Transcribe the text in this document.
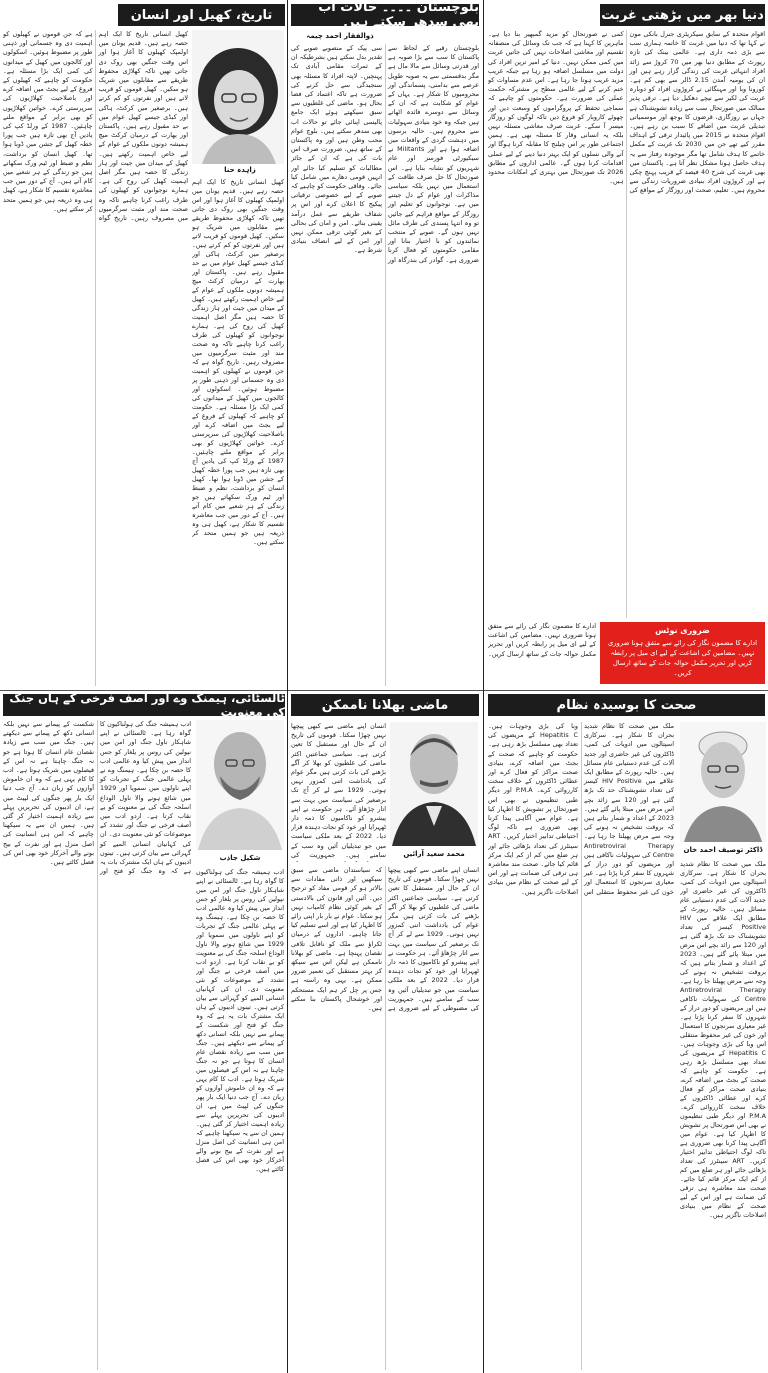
دنیا بھر میں بڑھتی غربت
اقوام متحدہ کے سابق سیکریٹری جنرل بانکی مون نے کہا تھا کہ دنیا میں غربت کا خاتمہ ہماری سب سے بڑی ذمہ داری ہے۔ عالمی بینک کی تازہ رپورٹ کے مطابق دنیا بھر میں 70 کروڑ سے زائد افراد انتہائی غربت کی زندگی گزار رہے ہیں اور ان کی یومیہ آمدن 2.15 ڈالر سے بھی کم ہے۔ کورونا وبا اور مہنگائی نے کروڑوں افراد کو دوبارہ غربت کی لکیر سے نیچے دھکیل دیا ہے۔ ترقی پذیر ممالک میں صورتحال سب سے زیادہ تشویشناک ہے جہاں بے روزگاری، قرضوں کا بوجھ اور موسمیاتی تبدیلی غربت میں اضافے کا سبب بن رہے ہیں۔ اقوام متحدہ نے 2015 میں پائیدار ترقی کے اہداف مقرر کیے تھے جن میں 2030 تک غربت کے مکمل خاتمے کا ہدف شامل تھا مگر موجودہ رفتار سے یہ ہدف حاصل ہونا مشکل نظر آتا ہے۔ پاکستان میں بھی غربت کی شرح 40 فیصد کے قریب پہنچ چکی ہے اور کروڑوں افراد بنیادی ضروریات زندگی سے محروم ہیں۔ تعلیم، صحت اور روزگار کے مواقع کی کمی نے صورتحال کو مزید گمبھیر بنا دیا ہے۔ ماہرین کا کہنا ہے کہ جب تک وسائل کی منصفانہ تقسیم اور معاشی اصلاحات نہیں کی جاتیں غربت میں کمی ممکن نہیں۔ دنیا کے امیر ترین افراد کی دولت میں مسلسل اضافہ ہو رہا ہے جبکہ غریب مزید غریب ہوتا جا رہا ہے۔ اس عدم مساوات کو ختم کرنے کے لیے عالمی سطح پر مشترکہ حکمت عملی کی ضرورت ہے۔ حکومتوں کو چاہیے کہ سماجی تحفظ کے پروگراموں کو وسعت دیں اور چھوٹے کاروبار کو فروغ دیں تاکہ لوگوں کو روزگار میسر آ سکے۔ غربت صرف معاشی مسئلہ نہیں بلکہ یہ انسانی وقار کا مسئلہ بھی ہے۔ ہمیں اجتماعی طور پر اس چیلنج کا مقابلہ کرنا ہوگا اور آنے والی نسلوں کو ایک بہتر دنیا دینے کے لیے عملی اقدامات کرنا ہوں گے۔ عالمی اداروں کے مطابق 2026 تک صورتحال میں بہتری کے امکانات محدود ہیں۔
ضروری نوٹس
ادارے کا مضمون نگار کی رائے سے متفق ہونا ضروری نہیں۔ مضامین کی اشاعت کے لیے ای میل پر رابطہ کریں اور تحریر مکمل حوالہ جات کے ساتھ ارسال کریں۔
ادارے کا مضمون نگار کی رائے سے متفق ہونا ضروری نہیں۔ مضامین کی اشاعت کے لیے ای میل پر رابطہ کریں اور تحریر مکمل حوالہ جات کے ساتھ ارسال کریں۔
بلوچستان ۔۔۔۔ حالات اب بھی سدھر سکتے ہیں
ذوالفقار احمد چیمہ
بلوچستان رقبے کے لحاظ سے پاکستان کا سب سے بڑا صوبہ ہے اور قدرتی وسائل سے مالا مال ہے مگر بدقسمتی سے یہ صوبہ طویل عرصے سے بدامنی، پسماندگی اور محرومیوں کا شکار ہے۔ یہاں کے عوام کو شکایت ہے کہ ان کے وسائل سے دوسرے فائدہ اٹھاتے ہیں جبکہ وہ خود بنیادی سہولیات سے محروم ہیں۔ حالیہ برسوں میں دہشت گردی کے واقعات میں اضافہ ہوا ہے اور Militants نے سیکیورٹی فورسز اور عام شہریوں کو نشانہ بنایا ہے۔ اس صورتحال کا حل صرف طاقت کے استعمال میں نہیں بلکہ سیاسی مذاکرات اور عوام کے دل جیتنے میں ہے۔ نوجوانوں کو تعلیم اور روزگار کے مواقع فراہم کیے جائیں تو وہ انتہا پسندی کی طرف مائل نہیں ہوں گے۔ صوبے کے منتخب نمائندوں کو با اختیار بنانا اور مقامی حکومتوں کو فعال کرنا ضروری ہے۔ گوادر کی بندرگاہ اور سی پیک کے منصوبے صوبے کی تقدیر بدل سکتے ہیں بشرطیکہ ان کے ثمرات مقامی آبادی تک پہنچیں۔ لاپتہ افراد کا مسئلہ بھی سنجیدگی سے حل کرنے کی ضرورت ہے تاکہ اعتماد کی فضا بحال ہو۔ ماضی کی غلطیوں سے سبق سیکھتے ہوئے ایک جامع پالیسی اپنائی جائے تو حالات اب بھی سدھر سکتے ہیں۔ بلوچ عوام محب وطن ہیں اور وہ پاکستان کے ساتھ ہیں، ضرورت صرف اس بات کی ہے کہ ان کے جائز مطالبات کو تسلیم کیا جائے اور انہیں قومی دھارے میں شامل کیا جائے۔ وفاقی حکومت کو چاہیے کہ صوبے کے لیے خصوصی ترقیاتی پیکیج کا اعلان کرے اور اس پر شفاف طریقے سے عمل درآمد یقینی بنائے۔ امن و امان کی بحالی کے بغیر کوئی ترقی ممکن نہیں اور امن کے لیے انصاف بنیادی شرط ہے۔
تاریخ، کھیل اور انسان
زاہدہ حنا
کھیل انسانی تاریخ کا ایک اہم حصہ رہے ہیں۔ قدیم یونان میں اولمپک کھیلوں کا آغاز ہوا اور اس وقت جنگیں بھی روک دی جاتی تھیں تاکہ کھلاڑی محفوظ طریقے سے مقابلوں میں شریک ہو سکیں۔ کھیل قوموں کو قریب لاتے ہیں اور نفرتوں کو کم کرتے ہیں۔ برصغیر میں کرکٹ، ہاکی اور کبڈی جیسے کھیل عوام میں بے حد مقبول رہے ہیں۔ پاکستان اور بھارت کے درمیان کرکٹ میچ ہمیشہ دونوں ملکوں کے عوام کے لیے خاص اہمیت رکھتے ہیں۔ کھیل کے میدان میں جیت اور ہار زندگی کا حصہ ہیں مگر اصل اہمیت کھیل کی روح کی ہے۔ ہمارے نوجوانوں کو کھیلوں کی طرف راغب کرنا چاہیے تاکہ وہ صحت مند اور مثبت سرگرمیوں میں مصروف رہیں۔ تاریخ گواہ ہے کہ جن قوموں نے کھیلوں کو اہمیت دی وہ جسمانی اور ذہنی طور پر مضبوط ہوئیں۔ اسکولوں اور کالجوں میں کھیل کے میدانوں کی کمی ایک بڑا مسئلہ ہے۔ حکومت کو چاہیے کہ کھیلوں کے فروغ کے لیے بجٹ میں اضافہ کرے اور باصلاحیت کھلاڑیوں کی سرپرستی کرے۔ خواتین کھلاڑیوں کو بھی برابر کے مواقع ملنے چاہئیں۔ 1987 کے ورلڈ کپ کی یادیں آج بھی تازہ ہیں جب پورا خطہ کھیل کے جشن میں ڈوبا ہوا تھا۔ کھیل انسان کو برداشت، نظم و ضبط اور ٹیم ورک سکھاتے ہیں جو زندگی کے ہر شعبے میں کام آتے ہیں۔ آج کے دور میں جب معاشرہ تقسیم کا شکار ہے، کھیل ہی وہ ذریعہ ہیں جو ہمیں متحد کر سکتے ہیں۔
کھیل انسانی تاریخ کا ایک اہم حصہ رہے ہیں۔ قدیم یونان میں اولمپک کھیلوں کا آغاز ہوا اور اس وقت جنگیں بھی روک دی جاتی تھیں تاکہ کھلاڑی محفوظ طریقے سے مقابلوں میں شریک ہو سکیں۔ کھیل قوموں کو قریب لاتے ہیں اور نفرتوں کو کم کرتے ہیں۔ برصغیر میں کرکٹ، ہاکی اور کبڈی جیسے کھیل عوام میں بے حد مقبول رہے ہیں۔ پاکستان اور بھارت کے درمیان کرکٹ میچ ہمیشہ دونوں ملکوں کے عوام کے لیے خاص اہمیت رکھتے ہیں۔ کھیل کے میدان میں جیت اور ہار زندگی کا حصہ ہیں مگر اصل اہمیت کھیل کی روح کی ہے۔ ہمارے نوجوانوں کو کھیلوں کی طرف راغب کرنا چاہیے تاکہ وہ صحت مند اور مثبت سرگرمیوں میں مصروف رہیں۔ تاریخ گواہ ہے کہ جن قوموں نے کھیلوں کو اہمیت دی وہ جسمانی اور ذہنی طور پر مضبوط ہوئیں۔ اسکولوں اور کالجوں میں کھیل کے میدانوں کی کمی ایک بڑا مسئلہ ہے۔ حکومت کو چاہیے کہ کھیلوں کے فروغ کے لیے بجٹ میں اضافہ کرے اور باصلاحیت کھلاڑیوں کی سرپرستی کرے۔ خواتین کھلاڑیوں کو بھی برابر کے مواقع ملنے چاہئیں۔ 1987 کے ورلڈ کپ کی یادیں آج بھی تازہ ہیں جب پورا خطہ کھیل کے جشن میں ڈوبا ہوا تھا۔ کھیل انسان کو برداشت، نظم و ضبط اور ٹیم ورک سکھاتے ہیں جو زندگی کے ہر شعبے میں کام آتے ہیں۔ آج کے دور میں جب معاشرہ تقسیم کا شکار ہے، کھیل ہی وہ ذریعہ ہیں جو ہمیں متحد کر سکتے ہیں۔
صحت کا بوسیدہ نظام
ڈاکٹر توصیف احمد خان
ملک میں صحت کا نظام شدید بحران کا شکار ہے۔ سرکاری اسپتالوں میں ادویات کی کمی، ڈاکٹروں کی غیر حاضری اور جدید آلات کی عدم دستیابی عام مسائل ہیں۔ حالیہ رپورٹ کے مطابق ایک علاقے میں HIV Positive کیسز کی تعداد تشویشناک حد تک بڑھ گئی ہے اور 120 سے زائد بچے اس مرض میں مبتلا پائے گئے ہیں۔ 2023 کے اعداد و شمار بتاتے ہیں کہ بروقت تشخیص نہ ہونے کی وجہ سے مرض پھیلتا جا رہا ہے۔ Antiretroviral Therapy Centre کی سہولیات ناکافی ہیں اور مریضوں کو دور دراز کے شہروں کا سفر کرنا پڑتا ہے۔ غیر معیاری سرنجوں کا استعمال اور خون کی غیر محفوظ منتقلی اس وبا کی بڑی وجوہات ہیں۔ Hepatitis C کے مریضوں کی تعداد بھی مسلسل بڑھ رہی ہے۔ حکومت کو چاہیے کہ صحت کے بجٹ میں اضافہ کرے، بنیادی صحت مراکز کو فعال کرے اور عطائی ڈاکٹروں کے خلاف سخت کارروائی کرے۔ P.M.A اور دیگر طبی تنظیموں نے بھی اس صورتحال پر تشویش کا اظہار کیا ہے۔ عوام میں آگاہی پیدا کرنا بھی ضروری ہے تاکہ لوگ احتیاطی تدابیر اختیار کریں۔ ART سینٹرز کی تعداد بڑھائی جائے اور ہر ضلع میں کم از کم ایک مرکز قائم کیا جائے۔ صحت مند معاشرہ ہی ترقی کی ضمانت ہے اور اس کے لیے صحت کے نظام میں بنیادی اصلاحات ناگزیر ہیں۔
ملک میں صحت کا نظام شدید بحران کا شکار ہے۔ سرکاری اسپتالوں میں ادویات کی کمی، ڈاکٹروں کی غیر حاضری اور جدید آلات کی عدم دستیابی عام مسائل ہیں۔ حالیہ رپورٹ کے مطابق ایک علاقے میں HIV Positive کیسز کی تعداد تشویشناک حد تک بڑھ گئی ہے اور 120 سے زائد بچے اس مرض میں مبتلا پائے گئے ہیں۔ 2023 کے اعداد و شمار بتاتے ہیں کہ بروقت تشخیص نہ ہونے کی وجہ سے مرض پھیلتا جا رہا ہے۔ Antiretroviral Therapy Centre کی سہولیات ناکافی ہیں اور مریضوں کو دور دراز کے شہروں کا سفر کرنا پڑتا ہے۔ غیر معیاری سرنجوں کا استعمال اور خون کی غیر محفوظ منتقلی اس وبا کی بڑی وجوہات ہیں۔ Hepatitis C کے مریضوں کی تعداد بھی مسلسل بڑھ رہی ہے۔ حکومت کو چاہیے کہ صحت کے بجٹ میں اضافہ کرے، بنیادی صحت مراکز کو فعال کرے اور عطائی ڈاکٹروں کے خلاف سخت کارروائی کرے۔ P.M.A اور دیگر طبی تنظیموں نے بھی اس صورتحال پر تشویش کا اظہار کیا ہے۔ عوام میں آگاہی پیدا کرنا بھی ضروری ہے تاکہ لوگ احتیاطی تدابیر اختیار کریں۔ ART سینٹرز کی تعداد بڑھائی جائے اور ہر ضلع میں کم از کم ایک مرکز قائم کیا جائے۔ صحت مند معاشرہ ہی ترقی کی ضمانت ہے اور اس کے لیے صحت کے نظام میں بنیادی اصلاحات ناگزیر ہیں۔
ماضی بھلانا ناممکن
محمد سعید آرائیں
انسان اپنے ماضی سے کبھی پیچھا نہیں چھڑا سکتا۔ قوموں کی تاریخ ان کے حال اور مستقبل کا تعین کرتی ہے۔ سیاسی جماعتیں اکثر ماضی کی غلطیوں کو بھلا کر آگے بڑھنے کی بات کرتی ہیں مگر عوام کی یادداشت اتنی کمزور نہیں ہوتی۔ 1929 سے لے کر آج تک برصغیر کی سیاست میں بہت سے اتار چڑھاؤ آئے۔ ہر حکومت نے اپنے پیشرو کو ناکامیوں کا ذمہ دار ٹھہرایا اور خود کو نجات دہندہ قرار دیا۔ 2022 کے بعد ملکی سیاست میں جو تبدیلیاں آئیں وہ سب کے سامنے ہیں۔ جمہوریت کی
انسان اپنے ماضی سے کبھی پیچھا نہیں چھڑا سکتا۔ قوموں کی تاریخ ان کے حال اور مستقبل کا تعین کرتی ہے۔ سیاسی جماعتیں اکثر ماضی کی غلطیوں کو بھلا کر آگے بڑھنے کی بات کرتی ہیں مگر عوام کی یادداشت اتنی کمزور نہیں ہوتی۔ 1929 سے لے کر آج تک برصغیر کی سیاست میں بہت سے اتار چڑھاؤ آئے۔ ہر حکومت نے اپنے پیشرو کو ناکامیوں کا ذمہ دار ٹھہرایا اور خود کو نجات دہندہ قرار دیا۔ 2022 کے بعد ملکی سیاست میں جو تبدیلیاں آئیں وہ سب کے سامنے ہیں۔ جمہوریت کی مضبوطی کے لیے ضروری ہے کہ سیاستدان ماضی سے سبق سیکھیں اور ذاتی مفادات سے بالاتر ہو کر قومی مفاد کو ترجیح دیں۔ آئین اور قانون کی بالادستی کے بغیر کوئی نظام کامیاب نہیں ہو سکتا۔ عوام نے بار بار اپنی رائے کا اظہار کیا ہے اور اسے تسلیم کیا جانا چاہیے۔ اداروں کے درمیان ٹکراؤ سے ملک کو ناقابل تلافی نقصان پہنچا ہے۔ ماضی کو بھلانا ناممکن ہے لیکن اس سے سیکھ کر بہتر مستقبل کی تعمیر ضرور ممکن ہے۔ یہی وہ راستہ ہے جس پر چل کر ہم ایک مستحکم اور خوشحال پاکستان بنا سکتے ہیں۔
ٹالسٹائی، ہیمنگ وے اور آصف فرخی کے ہاں جنگ کی معنویت
شکیل جاذب
ادب ہمیشہ جنگ کی ہولناکیوں کا گواہ رہا ہے۔ ٹالسٹائی نے اپنے شاہکار ناول جنگ اور امن میں نپولین کی روس پر یلغار کو جس انداز میں پیش کیا وہ عالمی ادب کا حصہ بن چکا ہے۔ ہیمنگ وے نے پہلی عالمی جنگ کے تجربات کو اپنے ناولوں میں سمویا اور 1929 میں شائع ہونے والا ناول الوداع اسلحہ جنگ کی بے معنویت کو بے نقاب کرتا ہے۔ اردو ادب میں آصف فرخی نے جنگ اور تشدد کے موضوعات کو نئی معنویت دی۔ ان کی کہانیاں انسانی المیے کو گہرائی سے بیان کرتی ہیں۔ تینوں ادیبوں کے ہاں ایک مشترک بات یہ ہے کہ وہ جنگ کو فتح اور شکست کے پیمانے سے نہیں بلکہ انسانی دکھ کے پیمانے سے دیکھتے ہیں۔ جنگ میں سب سے زیادہ نقصان عام انسان کا ہوتا ہے جو نہ جنگ چاہتا ہے نہ اس کے فیصلوں میں شریک ہوتا ہے۔ ادب کا کام یہی ہے کہ وہ ان خاموش آوازوں کو زبان دے۔ آج جب دنیا ایک بار پھر جنگوں کی لپیٹ میں ہے، ان ادیبوں کی تحریریں پہلے سے زیادہ اہمیت اختیار کر گئی ہیں۔ ہمیں ان سے یہ سیکھنا چاہیے کہ امن ہی انسانیت کی اصل منزل ہے اور نفرت کے بیج بونے والے آخرکار خود بھی اس کی فصل کاٹتے ہیں۔
ادب ہمیشہ جنگ کی ہولناکیوں کا گواہ رہا ہے۔ ٹالسٹائی نے اپنے شاہکار ناول جنگ اور امن میں نپولین کی روس پر یلغار کو جس انداز میں پیش کیا وہ عالمی ادب کا حصہ بن چکا ہے۔ ہیمنگ وے نے پہلی عالمی جنگ کے تجربات کو اپنے ناولوں میں سمویا اور 1929 میں شائع ہونے والا ناول الوداع اسلحہ جنگ کی بے معنویت کو بے نقاب کرتا ہے۔ اردو ادب میں آصف فرخی نے جنگ اور تشدد کے موضوعات کو نئی معنویت دی۔ ان کی کہانیاں انسانی المیے کو گہرائی سے بیان کرتی ہیں۔ تینوں ادیبوں کے ہاں ایک مشترک بات یہ ہے کہ وہ جنگ کو فتح اور شکست کے پیمانے سے نہیں بلکہ انسانی دکھ کے پیمانے سے دیکھتے ہیں۔ جنگ میں سب سے زیادہ نقصان عام انسان کا ہوتا ہے جو نہ جنگ چاہتا ہے نہ اس کے فیصلوں میں شریک ہوتا ہے۔ ادب کا کام یہی ہے کہ وہ ان خاموش آوازوں کو زبان دے۔ آج جب دنیا ایک بار پھر جنگوں کی لپیٹ میں ہے، ان ادیبوں کی تحریریں پہلے سے زیادہ اہمیت اختیار کر گئی ہیں۔ ہمیں ان سے یہ سیکھنا چاہیے کہ امن ہی انسانیت کی اصل منزل ہے اور نفرت کے بیج بونے والے آخرکار خود بھی اس کی فصل کاٹتے ہیں۔
